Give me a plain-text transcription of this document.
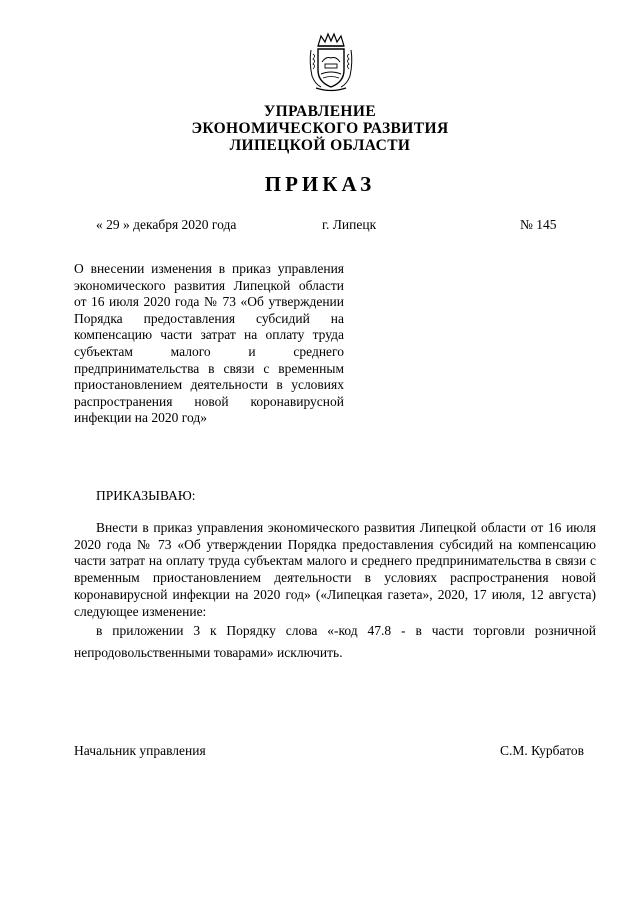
УПРАВЛЕНИЕ
ЭКОНОМИЧЕСКОГО РАЗВИТИЯ
ЛИПЕЦКОЙ ОБЛАСТИ
ПРИКАЗ
« 29 » декабря 2020 года	г. Липецк	№ 145

О внесении изменения в приказ управления экономического развития Липецкой области от 16 июля 2020 года № 73 «Об утверждении Порядка предоставления субсидий на компенсацию части затрат на оплату труда субъектам малого и среднего предпринимательства в связи с временным приостановлением деятельности в условиях распространения новой коронавирусной инфекции на 2020 год»

ПРИКАЗЫВАЮ:

Внести в приказ управления экономического развития Липецкой области от 16 июля 2020 года № 73 «Об утверждении Порядка предоставления субсидий на компенсацию части затрат на оплату труда субъектам малого и среднего предпринимательства в связи с временным приостановлением деятельности в условиях распространения новой коронавирусной инфекции на 2020 год» («Липецкая газета», 2020, 17 июля, 12 августа) следующее изменение:

в приложении 3 к Порядку слова «-код 47.8 - в части торговли розничной непродовольственными товарами» исключить.

Начальник управления	С.М. Курбатов
